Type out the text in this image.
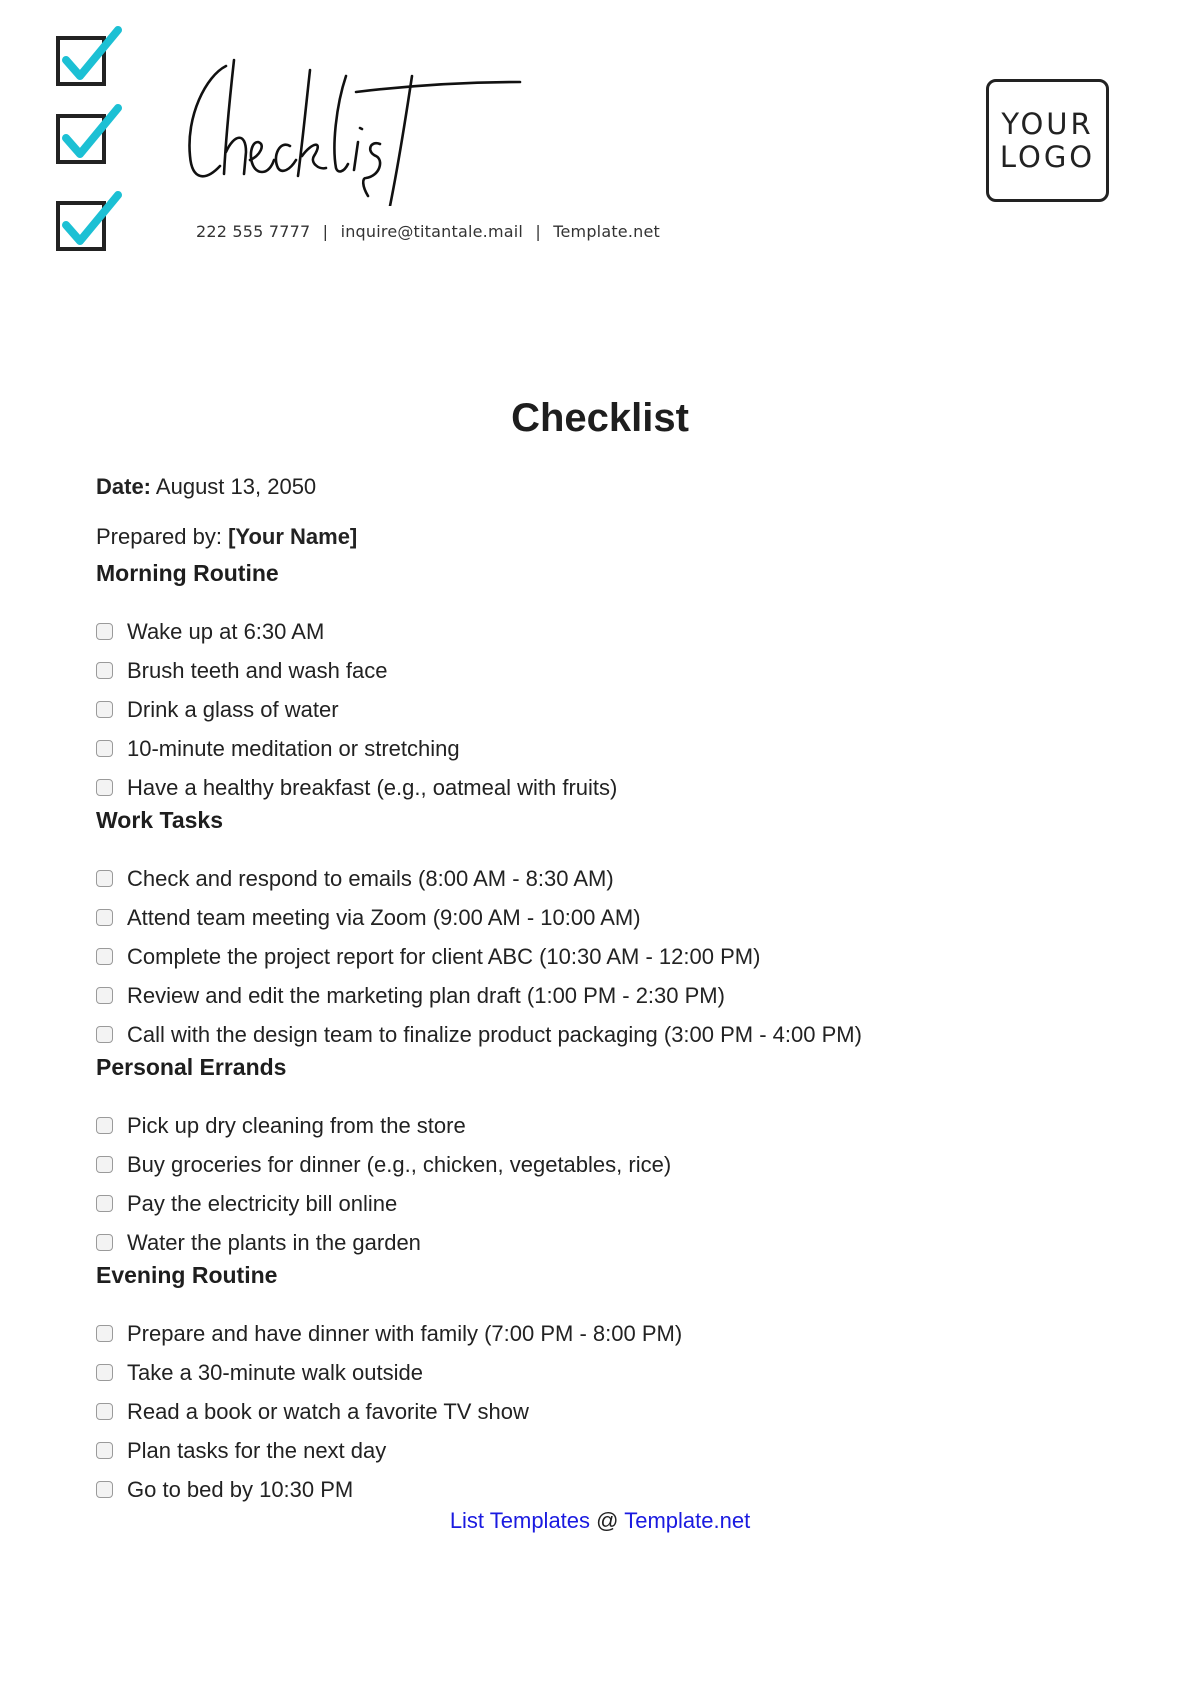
222 555 7777 | inquire@titantale.mail | Template.net
YOUR
LOGO
Checklist
Date: August 13, 2050
Prepared by: [Your Name]
Morning Routine
Wake up at 6:30 AM
Brush teeth and wash face
Drink a glass of water
10-minute meditation or stretching
Have a healthy breakfast (e.g., oatmeal with fruits)
Work Tasks
Check and respond to emails (8:00 AM - 8:30 AM)
Attend team meeting via Zoom (9:00 AM - 10:00 AM)
Complete the project report for client ABC (10:30 AM - 12:00 PM)
Review and edit the marketing plan draft (1:00 PM - 2:30 PM)
Call with the design team to finalize product packaging (3:00 PM - 4:00 PM)
Personal Errands
Pick up dry cleaning from the store
Buy groceries for dinner (e.g., chicken, vegetables, rice)
Pay the electricity bill online
Water the plants in the garden
Evening Routine
Prepare and have dinner with family (7:00 PM - 8:00 PM)
Take a 30-minute walk outside
Read a book or watch a favorite TV show
Plan tasks for the next day
Go to bed by 10:30 PM
List Templates @ Template.net
